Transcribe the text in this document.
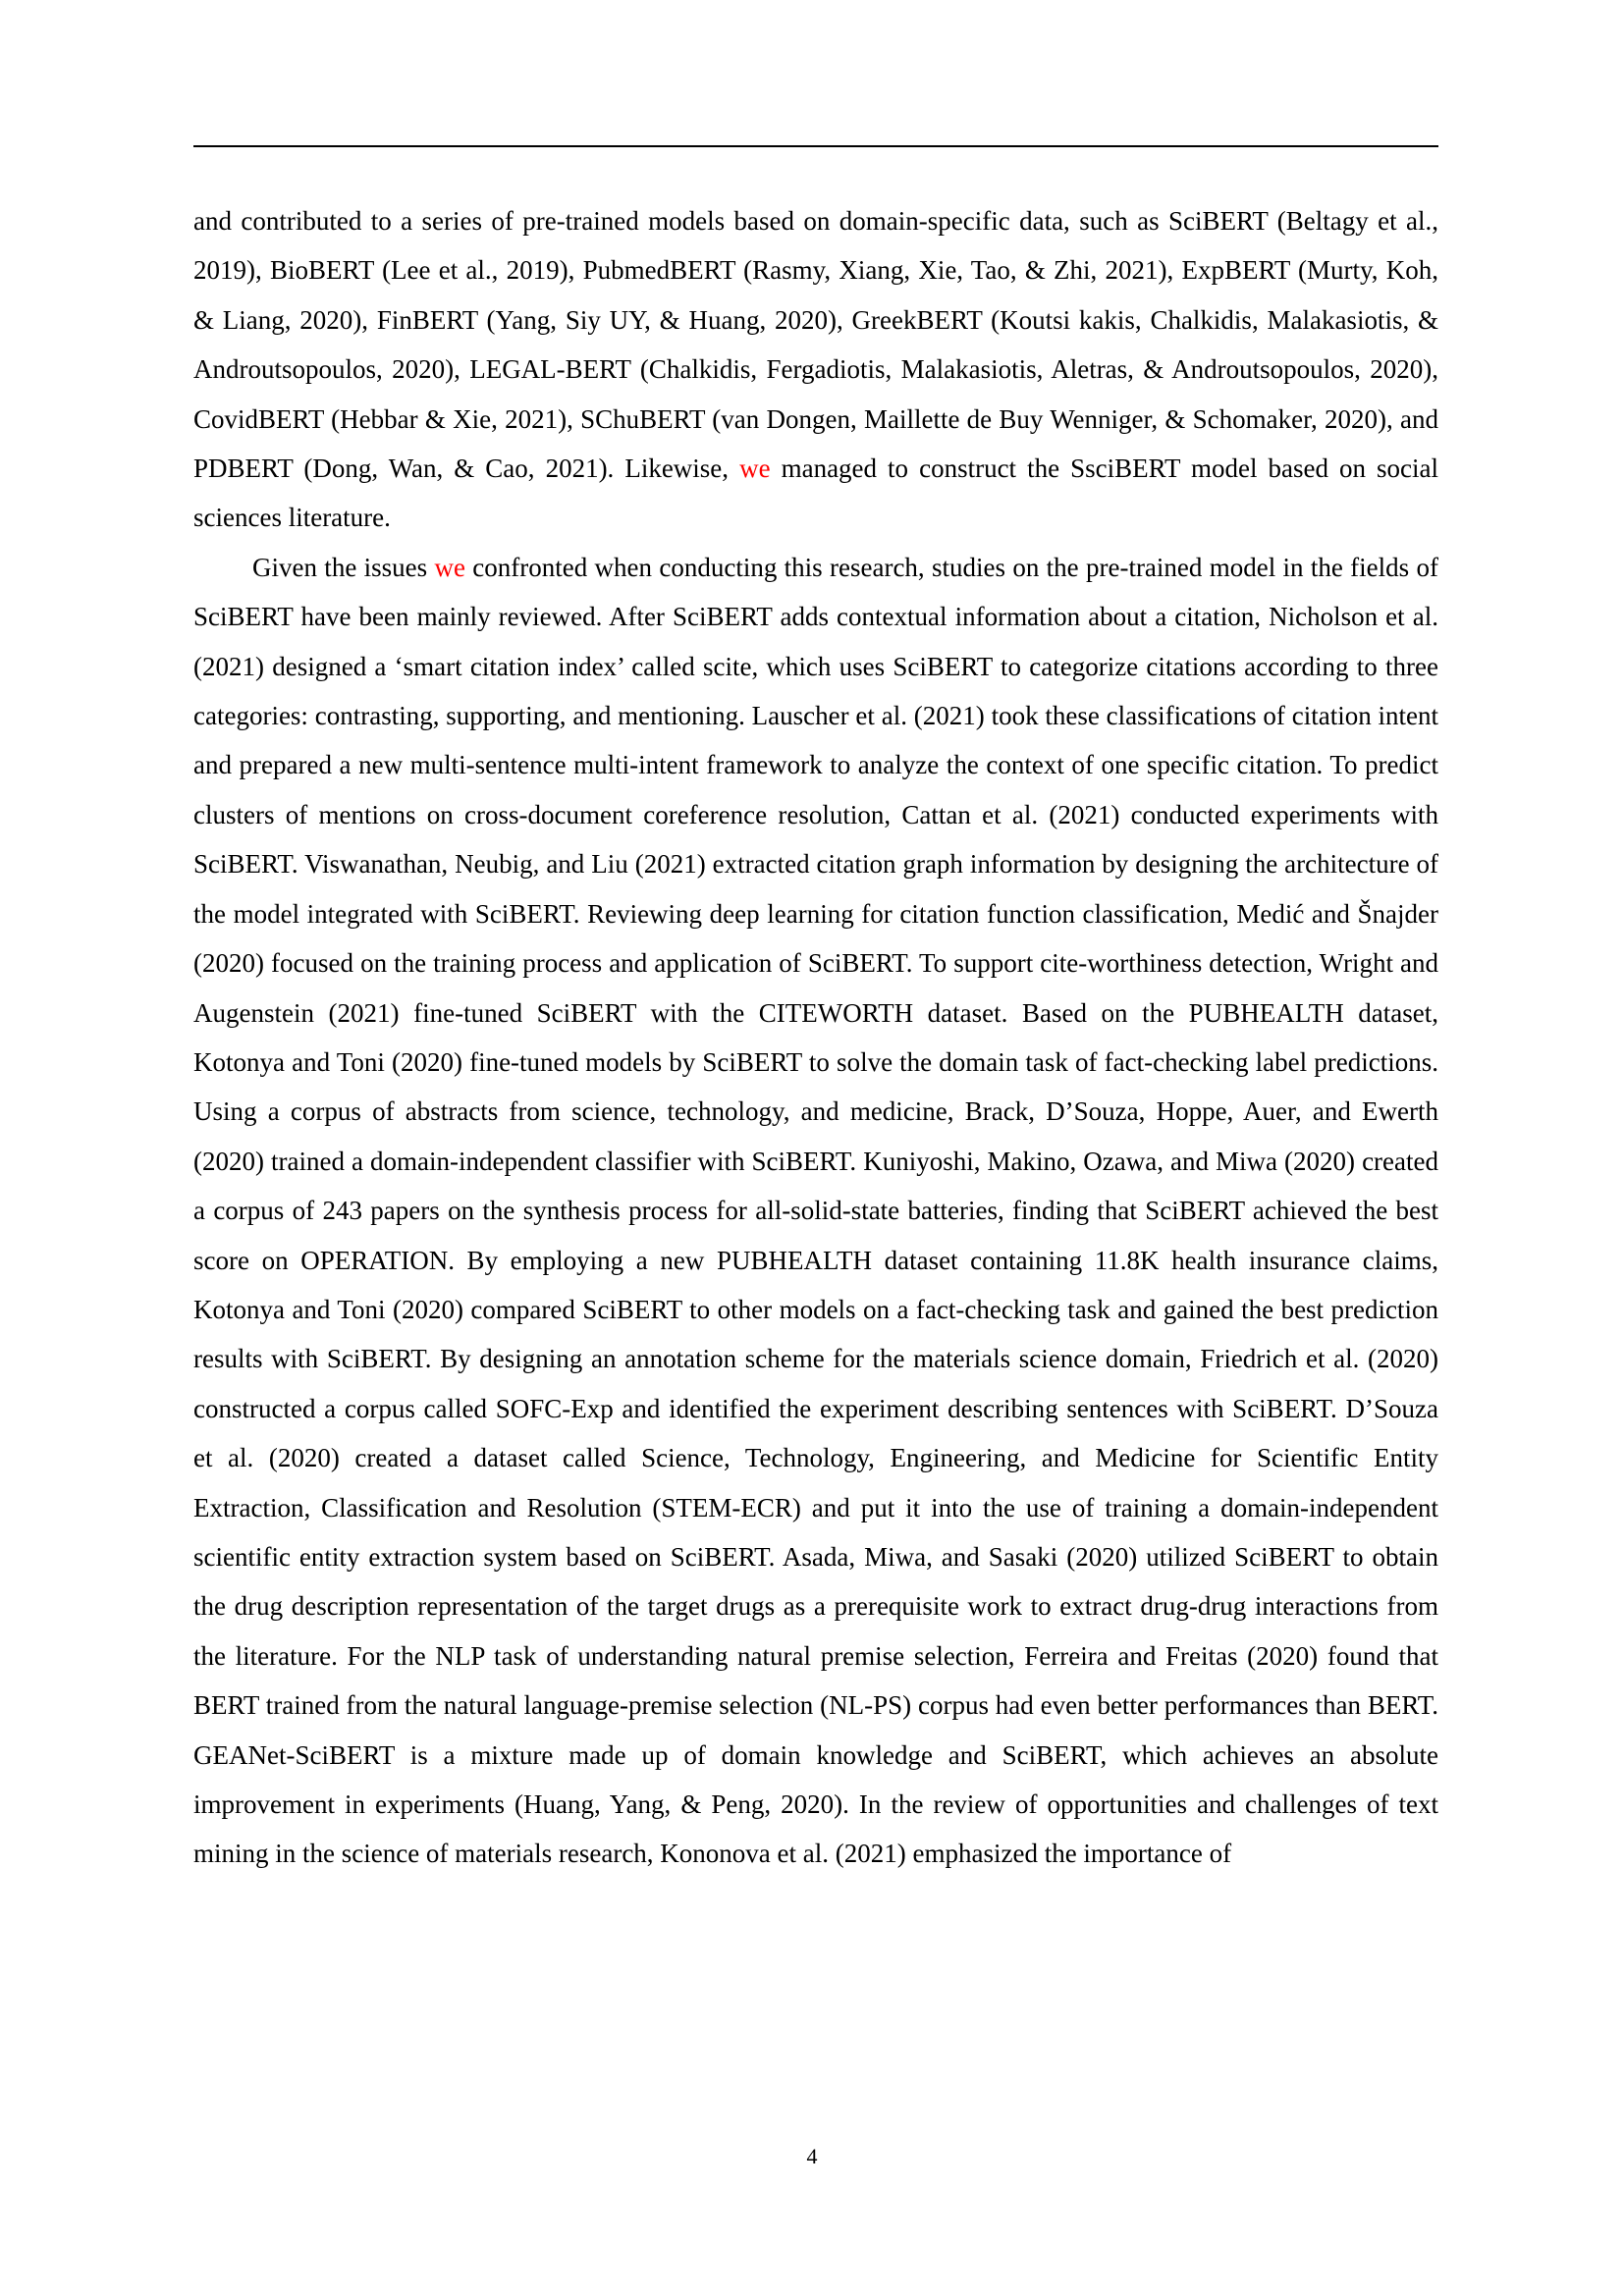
and contributed to a series of pre-trained models based on domain-specific data, such as SciBERT (Beltagy et al., 2019), BioBERT (Lee et al., 2019), PubmedBERT (Rasmy, Xiang, Xie, Tao, & Zhi, 2021), ExpBERT (Murty, Koh, & Liang, 2020), FinBERT (Yang, Siy UY, & Huang, 2020), GreekBERT (Koutsi kakis, Chalkidis, Malakasiotis, & Androutsopoulos, 2020), LEGAL-BERT (Chalkidis, Fergadiotis, Malakasiotis, Aletras, & Androutsopoulos, 2020), CovidBERT (Hebbar & Xie, 2021), SChuBERT (van Dongen, Maillette de Buy Wenniger, & Schomaker, 2020), and PDBERT (Dong, Wan, & Cao, 2021). Likewise, we managed to construct the SsciBERT model based on social sciences literature.

Given the issues we confronted when conducting this research, studies on the pre-trained model in the fields of SciBERT have been mainly reviewed. After SciBERT adds contextual information about a citation, Nicholson et al. (2021) designed a ‘smart citation index’ called scite, which uses SciBERT to categorize citations according to three categories: contrasting, supporting, and mentioning. Lauscher et al. (2021) took these classifications of citation intent and prepared a new multi-sentence multi-intent framework to analyze the context of one specific citation. To predict clusters of mentions on cross-document coreference resolution, Cattan et al. (2021) conducted experiments with SciBERT. Viswanathan, Neubig, and Liu (2021) extracted citation graph information by designing the architecture of the model integrated with SciBERT. Reviewing deep learning for citation function classification, Medić and Šnajder (2020) focused on the training process and application of SciBERT. To support cite-worthiness detection, Wright and Augenstein (2021) fine-tuned SciBERT with the CITEWORTH dataset. Based on the PUBHEALTH dataset, Kotonya and Toni (2020) fine-tuned models by SciBERT to solve the domain task of fact-checking label predictions. Using a corpus of abstracts from science, technology, and medicine, Brack, D’Souza, Hoppe, Auer, and Ewerth (2020) trained a domain-independent classifier with SciBERT. Kuniyoshi, Makino, Ozawa, and Miwa (2020) created a corpus of 243 papers on the synthesis process for all-solid-state batteries, finding that SciBERT achieved the best score on OPERATION. By employing a new PUBHEALTH dataset containing 11.8K health insurance claims, Kotonya and Toni (2020) compared SciBERT to other models on a fact-checking task and gained the best prediction results with SciBERT. By designing an annotation scheme for the materials science domain, Friedrich et al. (2020) constructed a corpus called SOFC-Exp and identified the experiment describing sentences with SciBERT. D’Souza et al. (2020) created a dataset called Science, Technology, Engineering, and Medicine for Scientific Entity Extraction, Classification and Resolution (STEM-ECR) and put it into the use of training a domain-independent scientific entity extraction system based on SciBERT. Asada, Miwa, and Sasaki (2020) utilized SciBERT to obtain the drug description representation of the target drugs as a prerequisite work to extract drug-drug interactions from the literature. For the NLP task of understanding natural premise selection, Ferreira and Freitas (2020) found that BERT trained from the natural language-premise selection (NL-PS) corpus had even better performances than BERT. GEANet-SciBERT is a mixture made up of domain knowledge and SciBERT, which achieves an absolute improvement in experiments (Huang, Yang, & Peng, 2020). In the review of opportunities and challenges of text mining in the science of materials research, Kononova et al. (2021) emphasized the importance of

4
